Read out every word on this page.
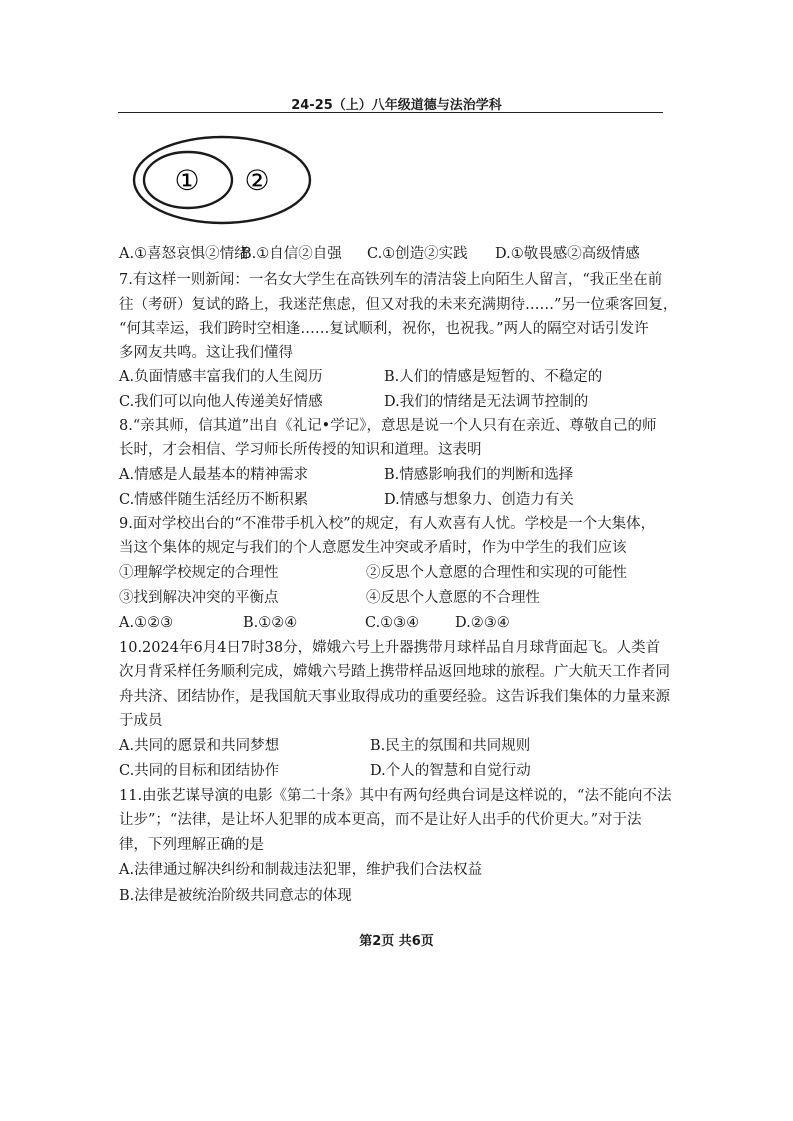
24-25（上）八年级道德与法治学科
① ②
A.①喜怒哀惧②情绪
B.①自信②自强 C.①创造②实践 D.①敬畏感②高级情感
7.有这样一则新闻：一名女大学生在高铁列车的清洁袋上向陌生人留言，“我正坐在前
往（考研）复试的路上，我迷茫焦虑，但又对我的未来充满期待……”另一位乘客回复，
“何其幸运，我们跨时空相逢……复试顺利，祝你，也祝我。”两人的隔空对话引发许
多网友共鸣。这让我们懂得
A.负面情感丰富我们的人生阅历	B.人们的情感是短暂的、不稳定的
C.我们可以向他人传递美好情感	D.我们的情绪是无法调节控制的
8.“亲其师，信其道”出自《礼记•学记》，意思是说一个人只有在亲近、尊敬自己的师
长时，才会相信、学习师长所传授的知识和道理。这表明
A.情感是人最基本的精神需求	B.情感影响我们的判断和选择
C.情感伴随生活经历不断积累	D.情感与想象力、创造力有关
9.面对学校出台的“不准带手机入校”的规定，有人欢喜有人忧。学校是一个大集体，
当这个集体的规定与我们的个人意愿发生冲突或矛盾时，作为中学生的我们应该
①理解学校规定的合理性	②反思个人意愿的合理性和实现的可能性
③找到解决冲突的平衡点	④反思个人意愿的不合理性
A.①②③	B.①②④	C.①③④ D.②③④
10.2024年6月4日7时38分，嫦娥六号上升器携带月球样品自月球背面起飞。人类首
次月背采样任务顺利完成，嫦娥六号踏上携带样品返回地球的旅程。广大航天工作者同
舟共济、团结协作，是我国航天事业取得成功的重要经验。这告诉我们集体的力量来源
于成员
A.共同的愿景和共同梦想	B.民主的氛围和共同规则
C.共同的目标和团结协作	D.个人的智慧和自觉行动
11.由张艺谋导演的电影《第二十条》其中有两句经典台词是这样说的，“法不能向不法
让步”；“法律，是让坏人犯罪的成本更高，而不是让好人出手的代价更大。”对于法
律，下列理解正确的是
A.法律通过解决纠纷和制裁违法犯罪，维护我们合法权益
B.法律是被统治阶级共同意志的体现
第2页 共6页
